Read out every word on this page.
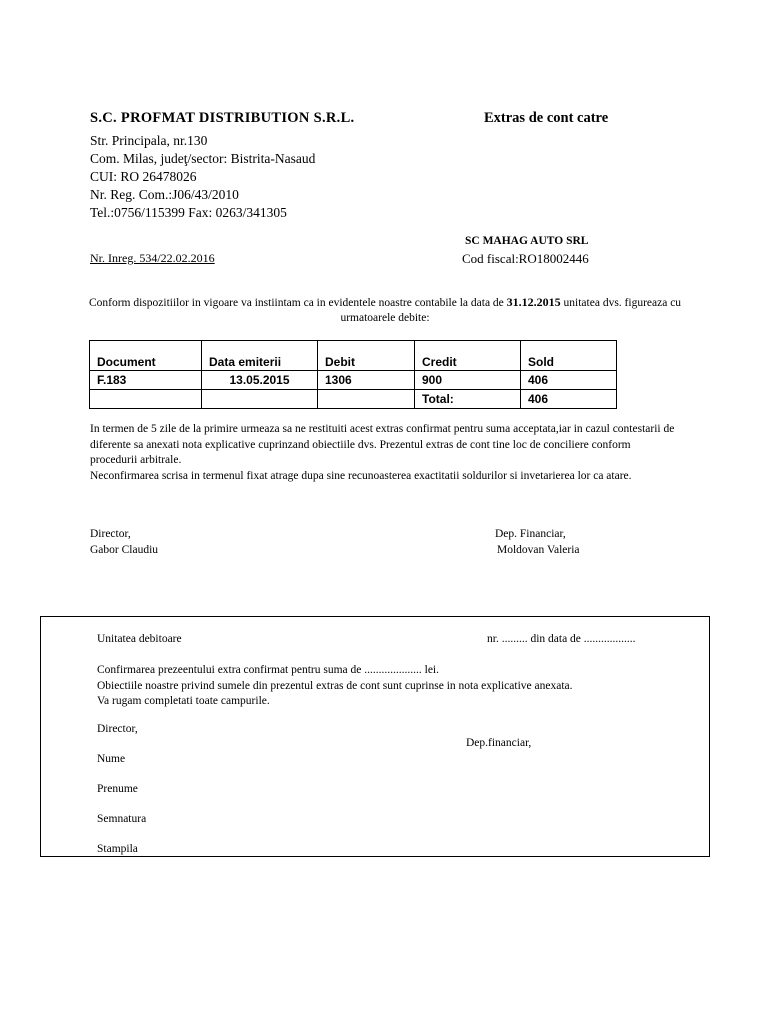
S.C. PROFMAT DISTRIBUTION S.R.L.	Extras de cont catre
Str. Principala, nr.130
Com. Milas, judeţ/sector: Bistrita-Nasaud
CUI: RO 26478026
Nr. Reg. Com.:J06/43/2010
Tel.:0756/115399 Fax: 0263/341305
SC MAHAG AUTO SRL
Nr. Inreg. 534/22.02.2016	Cod fiscal:RO18002446
Conform dispozitiilor in vigoare va instiintam ca in evidentele noastre contabile la data de 31.12.2015 unitatea dvs. figureaza cu urmatoarele debite:
Document	Data emiterii	Debit	Credit	Sold
F.183	13.05.2015	1306	900	406
			Total:	406

In termen de 5 zile de la primire urmeaza sa ne restituiti acest extras confirmat pentru suma acceptata,iar in cazul contestarii de diferente sa anexati nota explicative cuprinzand obiectiile dvs. Prezentul extras de cont tine loc de conciliere conform procedurii arbitrale.

Neconfirmarea scrisa in termenul fixat atrage dupa sine recunoasterea exactitatii soldurilor si invetarierea lor ca atare.

Director,
Gabor Claudiu
Dep. Financiar,
Moldovan Valeria
Unitatea debitoare	nr. ......... din data de ..................
Confirmarea prezeentului extra confirmat pentru suma de .................... lei.
Obiectiile noastre privind sumele din prezentul extras de cont sunt cuprinse in nota explicative anexata.
Va rugam completati toate campurile.
Director,
Dep.financiar,
Nume
Prenume
Semnatura
Stampila
